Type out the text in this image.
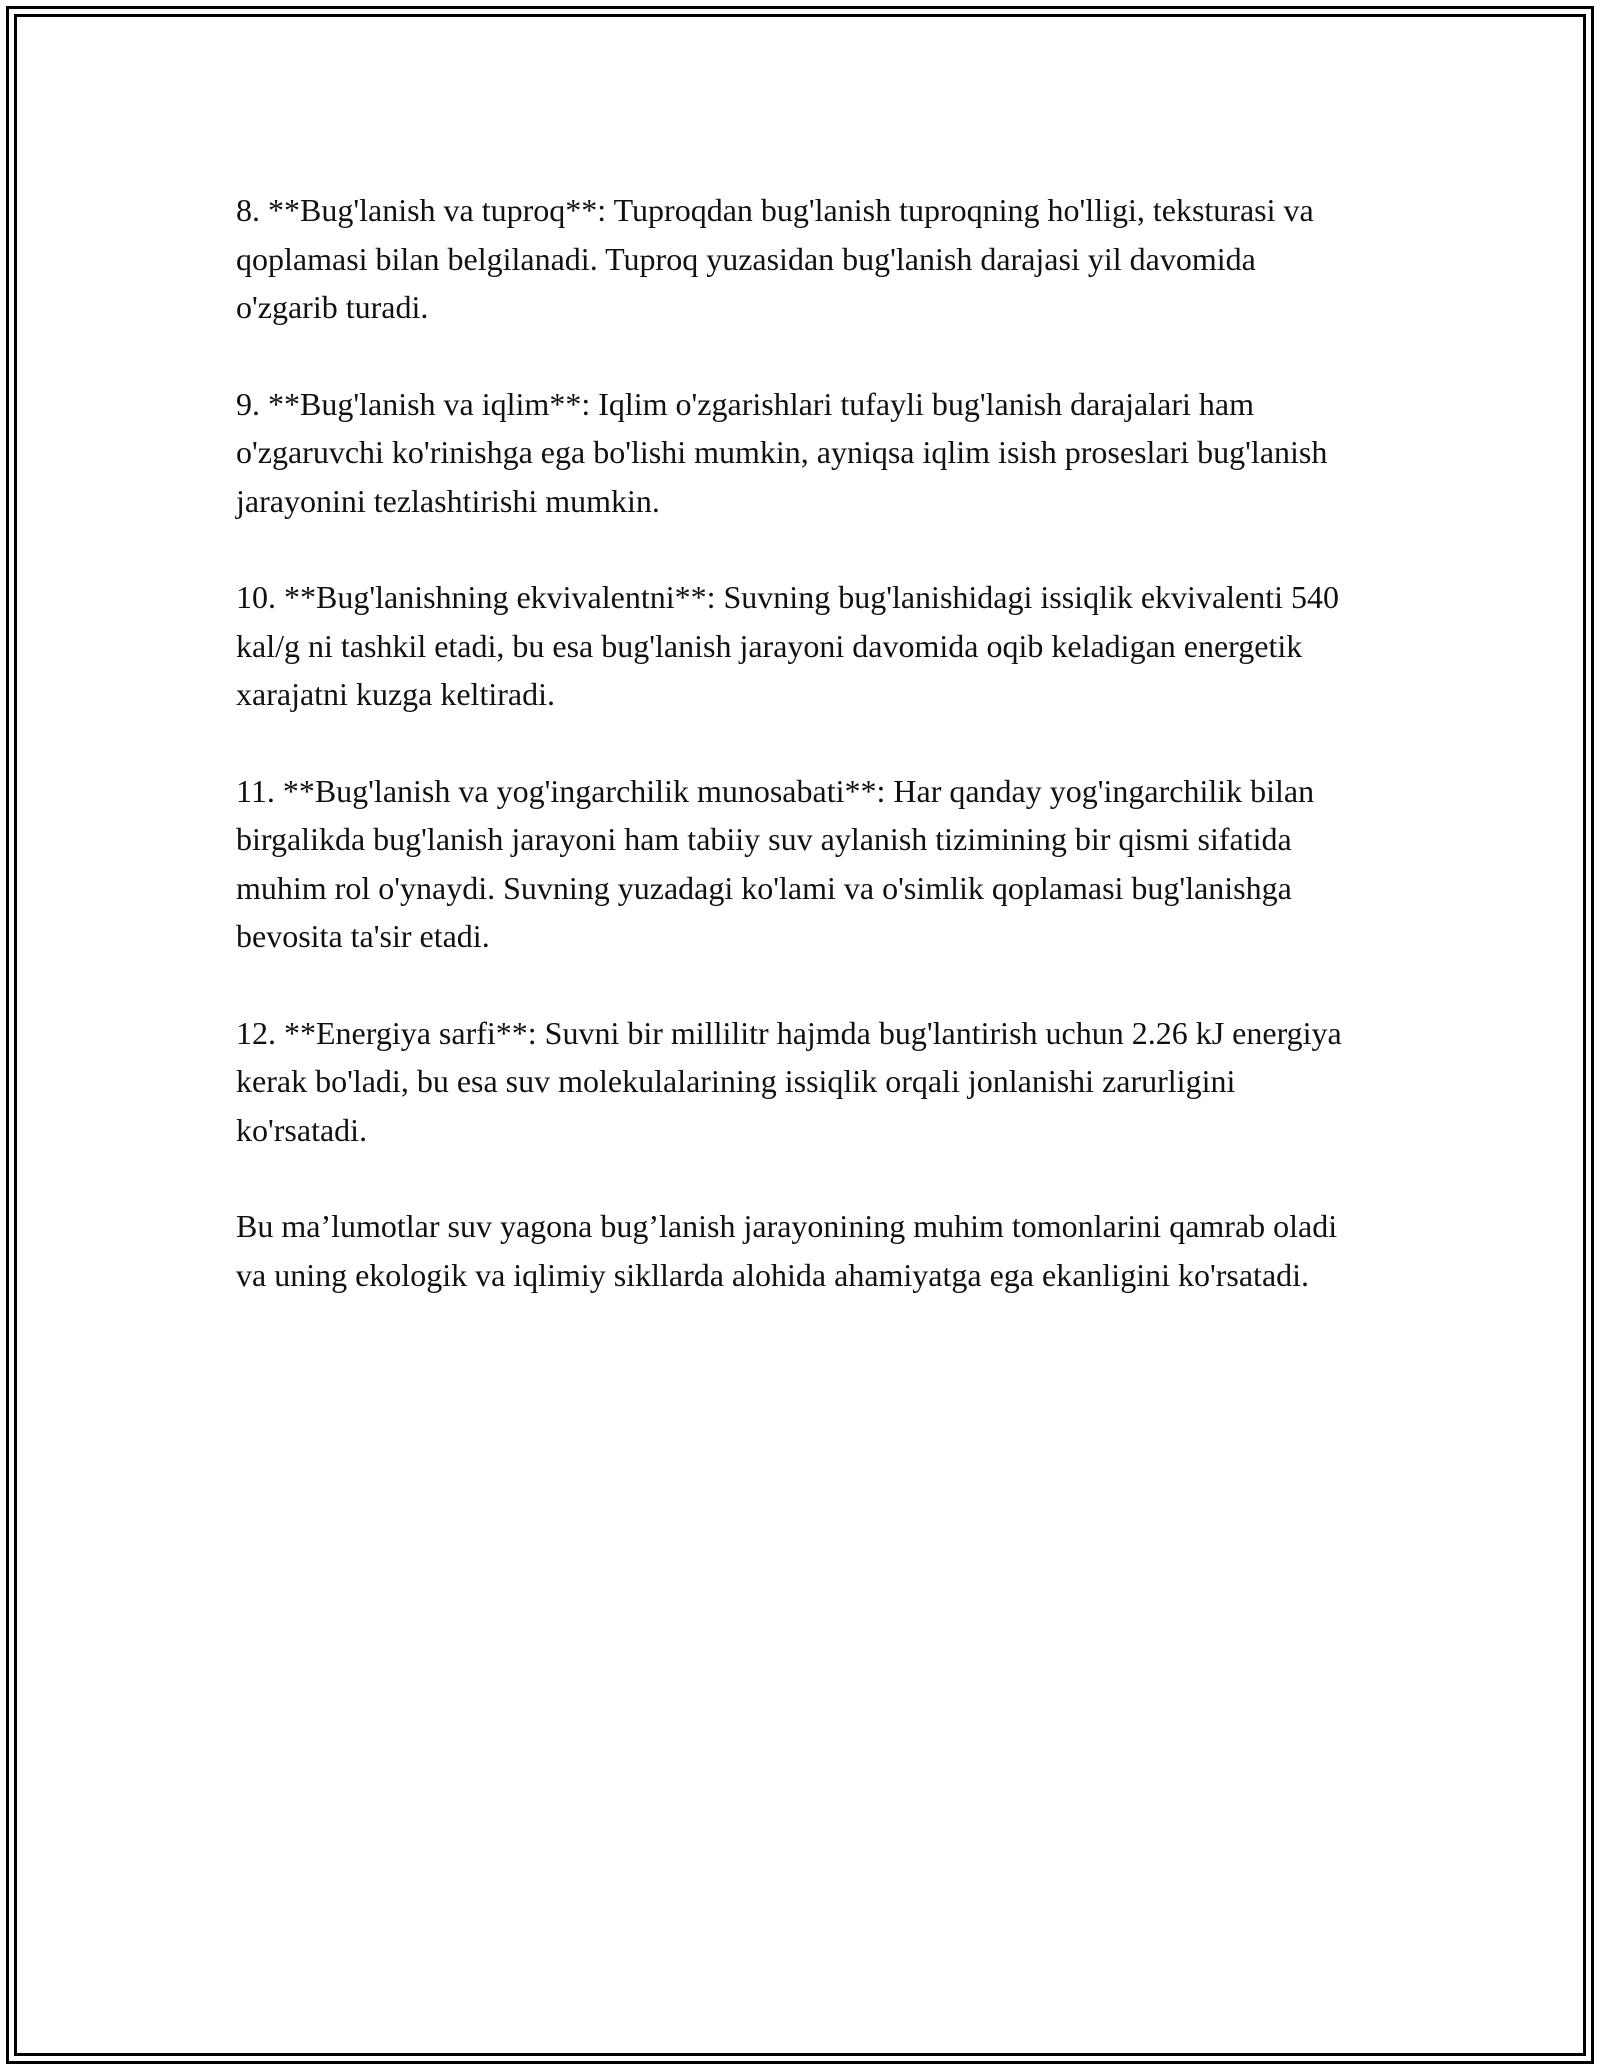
8. **Bug'lanish va tuproq**: Tuproqdan bug'lanish tuproqning ho'lligi, teksturasi va qoplamasi bilan belgilanadi. Tuproq yuzasidan bug'lanish darajasi yil davomida o'zgarib turadi.

9. **Bug'lanish va iqlim**: Iqlim o'zgarishlari tufayli bug'lanish darajalari ham o'zgaruvchi ko'rinishga ega bo'lishi mumkin, ayniqsa iqlim isish proseslari bug'lanish jarayonini tezlashtirishi mumkin.

10. **Bug'lanishning ekvivalentni**: Suvning bug'lanishidagi issiqlik ekvivalenti 540 kal/g ni tashkil etadi, bu esa bug'lanish jarayoni davomida oqib keladigan energetik xarajatni kuzga keltiradi.

11. **Bug'lanish va yog'ingarchilik munosabati**: Har qanday yog'ingarchilik bilan birgalikda bug'lanish jarayoni ham tabiiy suv aylanish tizimining bir qismi sifatida muhim rol o'ynaydi. Suvning yuzadagi ko'lami va o'simlik qoplamasi bug'lanishga bevosita ta'sir etadi.

12. **Energiya sarfi**: Suvni bir millilitr hajmda bug'lantirish uchun 2.26 kJ energiya kerak bo'ladi, bu esa suv molekulalarining issiqlik orqali jonlanishi zarurligini ko'rsatadi.

Bu ma’lumotlar suv yagona bug’lanish jarayonining muhim tomonlarini qamrab oladi va uning ekologik va iqlimiy sikllarda alohida ahamiyatga ega ekanligini ko'rsatadi.
